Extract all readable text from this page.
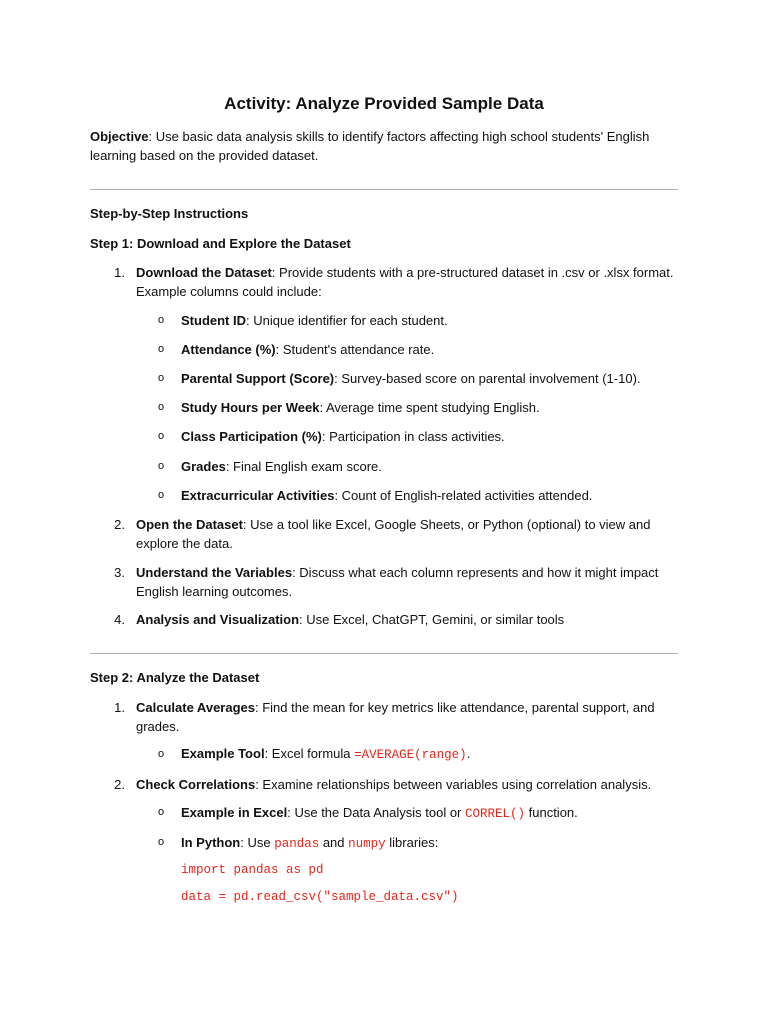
Activity: Analyze Provided Sample Data

Objective: Use basic data analysis skills to identify factors affecting high school students' English learning based on the provided dataset.

Step-by-Step Instructions

Step 1: Download and Explore the Dataset

1. Download the Dataset: Provide students with a pre-structured dataset in .csv or .xlsx format. Example columns could include:

o Student ID: Unique identifier for each student.

o Attendance (%): Student's attendance rate.

o Parental Support (Score): Survey-based score on parental involvement (1-10).

o Study Hours per Week: Average time spent studying English.

o Class Participation (%): Participation in class activities.

o Grades: Final English exam score.

o Extracurricular Activities: Count of English-related activities attended.

2. Open the Dataset: Use a tool like Excel, Google Sheets, or Python (optional) to view and explore the data.

3. Understand the Variables: Discuss what each column represents and how it might impact English learning outcomes.

4. Analysis and Visualization: Use Excel, ChatGPT, Gemini, or similar tools

Step 2: Analyze the Dataset

1. Calculate Averages: Find the mean for key metrics like attendance, parental support, and grades.

o Example Tool: Excel formula =AVERAGE(range).

2. Check Correlations: Examine relationships between variables using correlation analysis.

o Example in Excel: Use the Data Analysis tool or CORREL() function.

o In Python: Use pandas and numpy libraries:

import pandas as pd

data = pd.read_csv("sample_data.csv")
